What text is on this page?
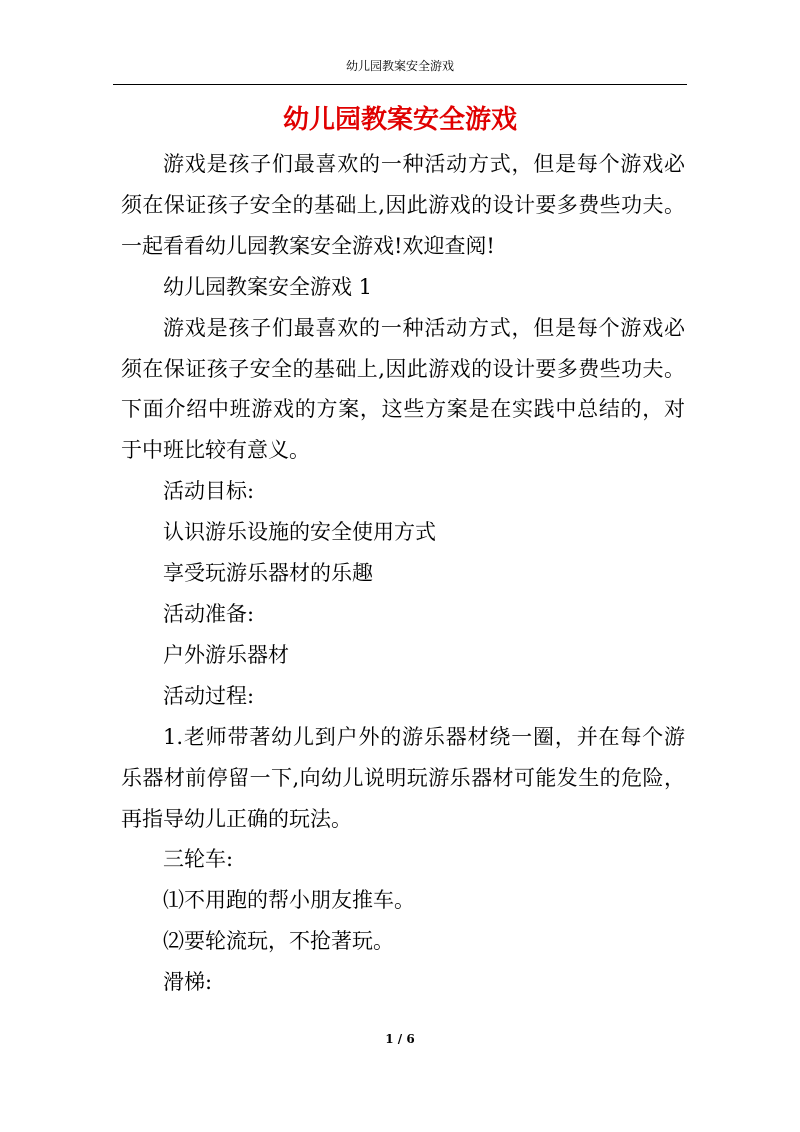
幼儿园教案安全游戏
幼儿园教案安全游戏

游戏是孩子们最喜欢的一种活动方式，但是每个游戏必须在保证孩子安全的基础上,因此游戏的设计要多费些功夫。一起看看幼儿园教案安全游戏!欢迎查阅!

幼儿园教案安全游戏 1

游戏是孩子们最喜欢的一种活动方式，但是每个游戏必须在保证孩子安全的基础上,因此游戏的设计要多费些功夫。下面介绍中班游戏的方案，这些方案是在实践中总结的，对于中班比较有意义。

活动目标:

认识游乐设施的安全使用方式

享受玩游乐器材的乐趣

活动准备:

户外游乐器材

活动过程:

1.老师带著幼儿到户外的游乐器材绕一圈，并在每个游乐器材前停留一下,向幼儿说明玩游乐器材可能发生的危险，再指导幼儿正确的玩法。

三轮车:

⑴不用跑的帮小朋友推车。

⑵要轮流玩，不抢著玩。

滑梯:

1 / 6
